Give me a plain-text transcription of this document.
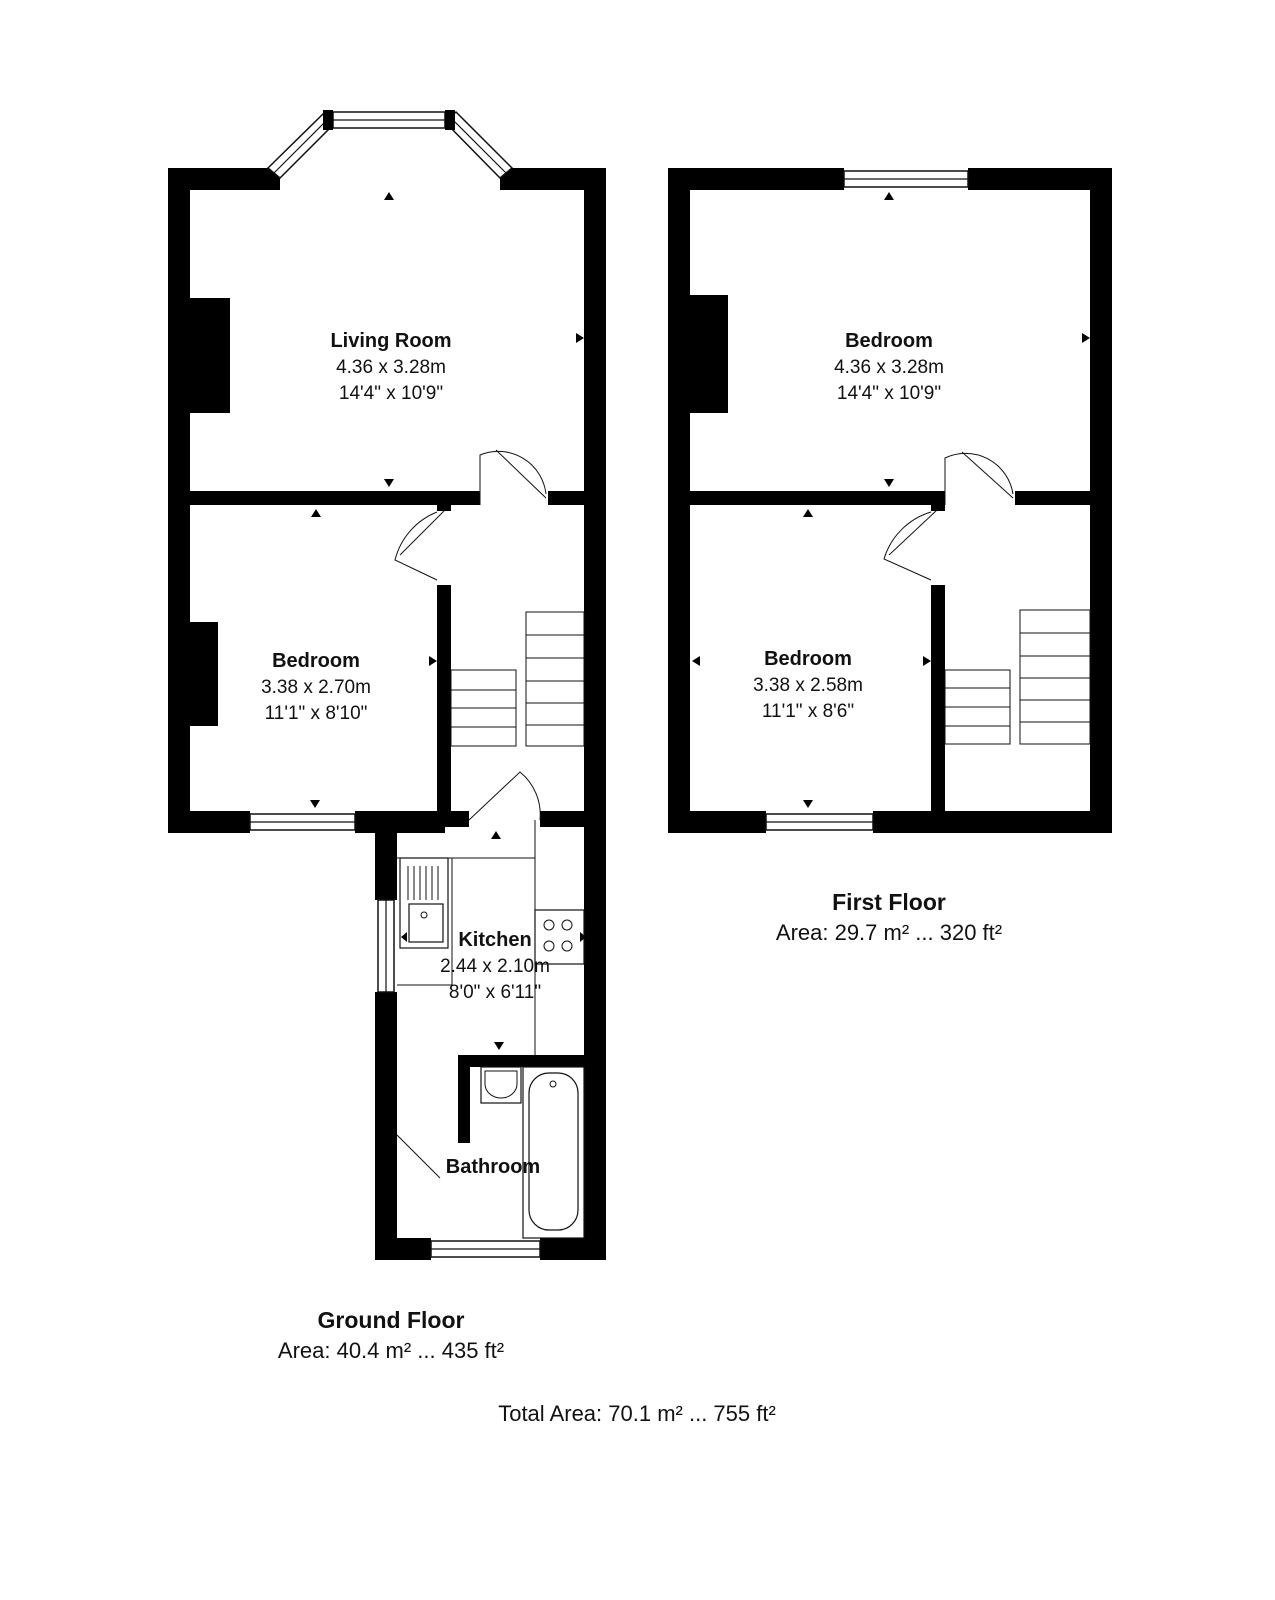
Living Room
4.36 x 3.28m
14'4" x 10'9"
Bedroom
3.38 x 2.70m
11'1" x 8'10"
Kitchen
2.44 x 2.10m
8'0" x 6'11"
Bathroom
Ground Floor
Area: 40.4 m² ... 435 ft²
Bedroom
4.36 x 3.28m
14'4" x 10'9"
Bedroom
3.38 x 2.58m
11'1" x 8'6"
First Floor
Area: 29.7 m² ... 320 ft²
Total Area: 70.1 m² ... 755 ft²
